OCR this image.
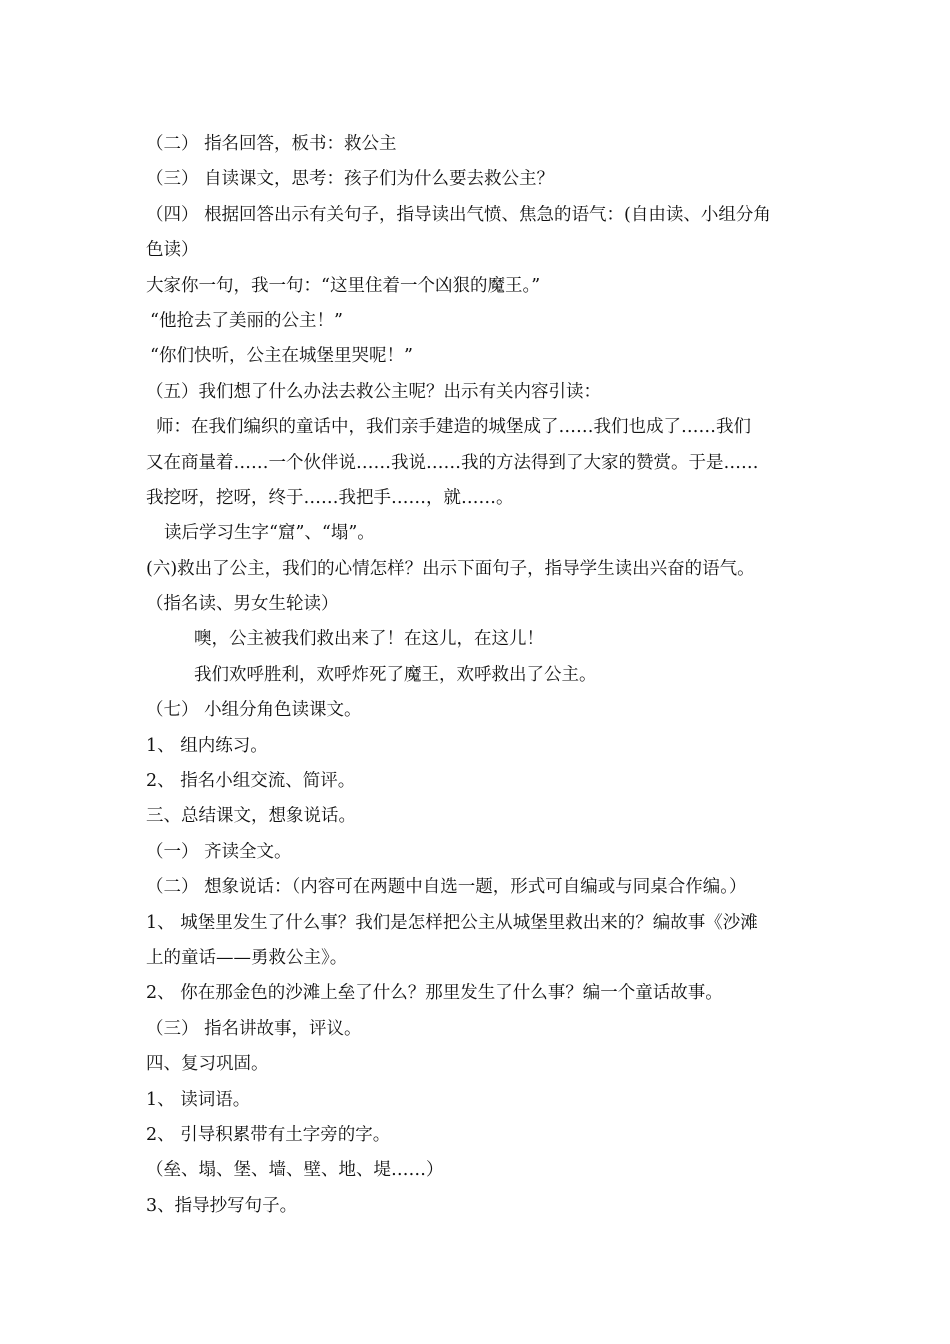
（二） 指名回答，板书：救公主
（三） 自读课文，思考：孩子们为什么要去救公主？
（四） 根据回答出示有关句子，指导读出气愤、焦急的语气：(自由读、小组分角
色读）
大家你一句，我一句：“这里住着一个凶狠的魔王。”
“他抢去了美丽的公主！”
“你们快听，公主在城堡里哭呢！”
（五）我们想了什么办法去救公主呢？出示有关内容引读：
师：在我们编织的童话中，我们亲手建造的城堡成了……我们也成了……我们
又在商量着……一个伙伴说……我说……我的方法得到了大家的赞赏。于是……
我挖呀，挖呀，终于……我把手……，就……。
读后学习生字“窟”、“塌”。
(六)救出了公主，我们的心情怎样？出示下面句子，指导学生读出兴奋的语气。
（指名读、男女生轮读）
噢，公主被我们救出来了！在这儿，在这儿！
我们欢呼胜利，欢呼炸死了魔王，欢呼救出了公主。
（七） 小组分角色读课文。
1、 组内练习。
2、 指名小组交流、简评。
三、总结课文，想象说话。
（一） 齐读全文。
（二） 想象说话：（内容可在两题中自选一题，形式可自编或与同桌合作编。）
1、 城堡里发生了什么事？我们是怎样把公主从城堡里救出来的？编故事《沙滩
上的童话——勇救公主》。
2、 你在那金色的沙滩上垒了什么？那里发生了什么事？编一个童话故事。
（三） 指名讲故事，评议。
四、复习巩固。
1、 读词语。
2、 引导积累带有土字旁的字。
（垒、塌、堡、墙、壁、地、堤……）
3、指导抄写句子。
